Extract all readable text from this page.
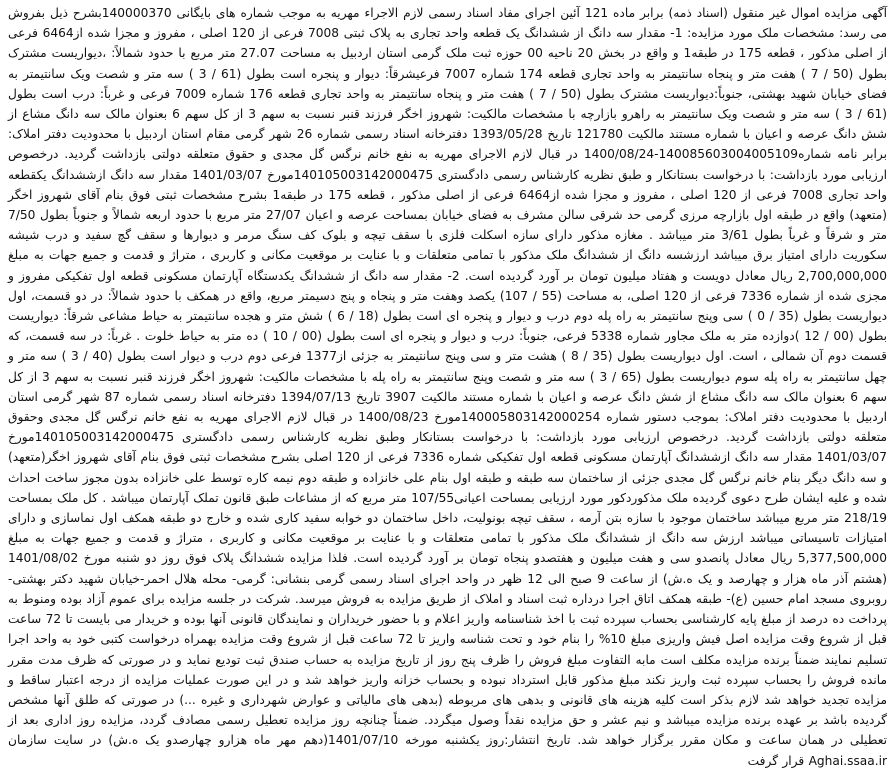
آگهی مزایده اموال غیر منقول (اسناد ذمه) برابر ماده 121 آئین اجرای مفاد اسناد رسمی لازم الاجراء مهریه به موجب شماره های بایگانی 140000370بشرح ذیل بفروش می رسد: مشخصات ملک مورد مزایده: 1- مقدار سه دانگ از ششدانگ یک قطعه واحد تجاری به پلاک ثبتی 7008 فرعی از 120 اصلی ، مفروز و مجزا شده از6464 فرعی از اصلی مذکور ، قطعه 175 در طبقه1 و واقع در بخش 20 ناحیه 00 حوزه ثبت ملک گرمی استان اردبیل به مساحت 27.07 متر مربع با حدود شمالاً: ،دیواریست مشترک بطول (50 / 7 ) هفت متر و پنجاه سانتیمتر به واحد تجاری قطعه 174 شماره 7007 فرعیشرقاً: دیوار و پنجره است بطول (61 / 3 ) سه متر و شصت ویک سانتیمتر به فضای خیابان شهید بهشتی، جنوباً:دیواریست مشترک بطول (50 / 7 ) هفت متر و پنجاه سانتیمتر به واحد تجاری قطعه 176 شماره 7009 فرعی و غرباً: درب است بطول (61 / 3 ) سه متر و شصت ویک سانتیمتر به راهرو بازارچه با مشخصات مالکیت: شهروز اخگر فرزند قنبر نسبت به سهم 3 از کل سهم 6 بعنوان مالک سه دانگ مشاع از شش دانگ عرصه و اعیان با شماره مستند مالکیت 121780 تاریخ 1393/05/28 دفترخانه اسناد رسمی شماره 26 شهر گرمی مقام استان اردبیل با محدودیت دفتر املاک: برابر نامه شماره140085603004005109-1400/08/24 در قبال لازم الاجرای مهریه به نفع خانم نرگس گل مجدی و حقوق متعلقه دولتی بازداشت گردید. درخصوص ارزیابی مورد بازداشت: با درخواست بستانکار و طبق نظریه کارشناس رسمی دادگستری 140105003142000475مورخ 1401/03/07 مقدار سه دانگ ازششدانگ یکقطعه واحد تجاری 7008 فرعی از 120 اصلی ، مفروز و مجزا شده از6464 فرعی از اصلی مذکور ، قطعه 175 در طبقه1 بشرح مشخصات ثبتی فوق بنام آقای شهروز اخگر (متعهد) واقع در طبقه اول بازارچه مرزی گرمی حد شرقی سالن مشرف به فضای خیابان بمساحت عرصه و اعیان 27/07 متر مربع با حدود اربعه شمالاً و جنوباً بطول 7/50 متر و شرقاً و غرباً بطول 3/61 متر میباشد . مغازه مذکور دارای سازه اسکلت فلزی با سقف تیچه و بلوک کف سنگ مرمر و دیوارها و سقف گچ سفید و درب شیشه سکوریت دارای امتیاز برق میباشد ارزشسه دانگ از ششدانگ ملک مذکور با تمامی متعلقات و با عنایت بر موقعیت مکانی و کاربری ، متراژ و قدمت و جمیع جهات به مبلغ 2,700,000,000 ریال معادل دویست و هفتاد میلیون تومان بر آورد گردیده است. 2- مقدار سه دانگ از ششدانگ یکدستگاه آپارتمان مسکونی قطعه اول تفکیکی مفروز و مجزی شده از شماره 7336 فرعی از 120 اصلی، به مساحت (55 / 107) یکصد وهفت متر و پنجاه و پنج دسیمتر مربع، واقع در همکف با حدود شمالاً: در دو قسمت، اول دیواریست بطول (35 / 0 ) سی وپنج سانتیمتر به راه پله دوم درب و دیوار و پنجره ای است بطول (18 / 6 ) شش متر و هجده سانتیمتر به حیاط مشاعی شرقاً: دیواریست بطول (00 / 12 )دوازده متر به ملک مجاور شماره 5338 فرعی، جنوباً: درب و دیوار و پنجره ای است بطول (00 / 10 ) ده متر به حیاط خلوت . غرباً: در سه قسمت، که قسمت دوم آن شمالی ، است. اول دیواریست بطول (35 / 8 ) هشت متر و سی وپنج سانتیمتر به جزئی از1377 فرعی دوم درب و دیوار است بطول (40 / 3 ) سه متر و چهل سانتیمتر به راه پله سوم دیواریست بطول (65 / 3 ) سه متر و شصت وپنج سانتیمتر به راه پله با مشخصات مالکیت: شهروز اخگر فرزند قنبر نسبت به سهم 3 از کل سهم 6 بعنوان مالک سه دانگ مشاع از شش دانگ عرصه و اعیان با شماره مستند مالکیت 3907 تاریخ 1394/07/13 دفترخانه اسناد رسمی شماره 87 شهر گرمی استان اردبیل با محدودیت دفتر املاک: بموجب دستور شماره 140005803142000254مورخ 1400/08/23 در قبال لازم الاجرای مهریه به نفع خانم نرگس گل مجدی وحقوق متعلقه دولتی بازداشت گردید. درخصوص ارزیابی مورد بازداشت: با درخواست بستانکار وطبق نظریه کارشناس رسمی دادگستری 140105003142000475مورخ 1401/03/07 مقدار سه دانگ ازششدانگ آپارتمان مسکونی قطعه اول تفکیکی شماره 7336 فرعی از 120 اصلی بشرح مشخصات ثبتی فوق بنام آقای شهروز اخگر(متعهد) و سه دانگ دیگر بنام خانم نرگس گل مجدی جزئی از ساختمان سه طبقه و طبقه اول بنام علی خانزاده و طبقه دوم نیمه کاره توسط علی خانزاده بدون مجوز ساخت احداث شده و علیه ایشان طرح دعوی گردیده ملک مذکوردکور مورد ارزیابی بمساحت اعیانی107/55 متر مربع که از مشاعات طبق قانون تملک آپارتمان میباشد . کل ملک بمساحت 218/19 متر مربع میباشد ساختمان موجود با سازه بتن آرمه ، سقف تیچه بونولیت، داخل ساختمان دو خوابه سفید کاری شده و خارج دو طبقه همکف اول نماسازی و دارای امتیازات تاسیساتی میباشد ارزش سه دانگ از ششدانگ ملک مذکور با تمامی متعلقات و با عنایت بر موقعیت مکانی و کاربری ، متراژ و قدمت و جمیع جهات به مبلغ 5,377,500,000 ریال معادل پانصدو سی و هفت میلیون و هفتصدو پنجاه تومان بر آورد گردیده است. فلذا مزایده ششدانگ پلاک فوق روز دو شنبه مورخ 1401/08/02 (هشتم آذر ماه هزار و چهارصد و یک ه.ش) از ساعت 9 صبح الی 12 ظهر در واحد اجرای اسناد رسمی گرمی بنشانی: گرمی- محله هلال احمر-خیابان شهید دکتر بهشتی- روبروی مسجد امام حسین (ع)- طبقه همکف اتاق اجرا درداره ثبت اسناد و املاک از طریق مزایده به فروش میرسد. شرکت در جلسه مزایده برای عموم آزاد بوده ومنوط به پرداخت ده درصد از مبلغ پایه کارشناسی بحساب سپرده ثبت با اخذ شناسنامه واریز اعلام و با حضور خریداران و نمایندگان قانونی آنها بوده و خریدار می بایست تا 72 ساعت قبل از شروع وقت مزایده اصل فیش واریزی مبلغ 10% را بنام خود و تحت شناسه واریز تا 72 ساعت قبل از شروع وقت مزایده بهمراه درخواست کتبی خود به واحد اجرا تسلیم نمایند ضمناً برنده مزایده مکلف است مابه التفاوت مبلغ فروش را ظرف پنج روز از تاریخ مزایده به حساب صندق ثبت تودیع نماید و در صورتی که ظرف مدت مقرر مانده فروش را بحساب سپرده ثبت واریز نکند مبلغ مذکور قابل استرداد نبوده و بحساب خزانه واریز خواهد شد و در این صورت عملیات مزایده از درجه اعتبار ساقط و مزایده تجدید خواهد شد لازم بذکر است کلیه هزینه های قانونی و بدهی های مربوطه (بدهی های مالیاتی و عوارض شهرداری و غیره ...) در صورتی که طلق آنها مشخص گردیده باشد بر عهده برنده مزایده میباشد و نیم عشر و حق مزایده نقداً وصول میگردد. ضمناً چنانچه روز مزایده تعطیل رسمی مصادف گردد، مزایده روز اداری بعد از تعطیلی در همان ساعت و مکان مقرر برگزار خواهد شد. تاریخ انتشار:روز یکشنبه مورخه 1401/07/10(دهم مهر ماه هزارو چهارصدو یک ه.ش) در سایت سازمان Aghai.ssaa.ir قرار گرفت
